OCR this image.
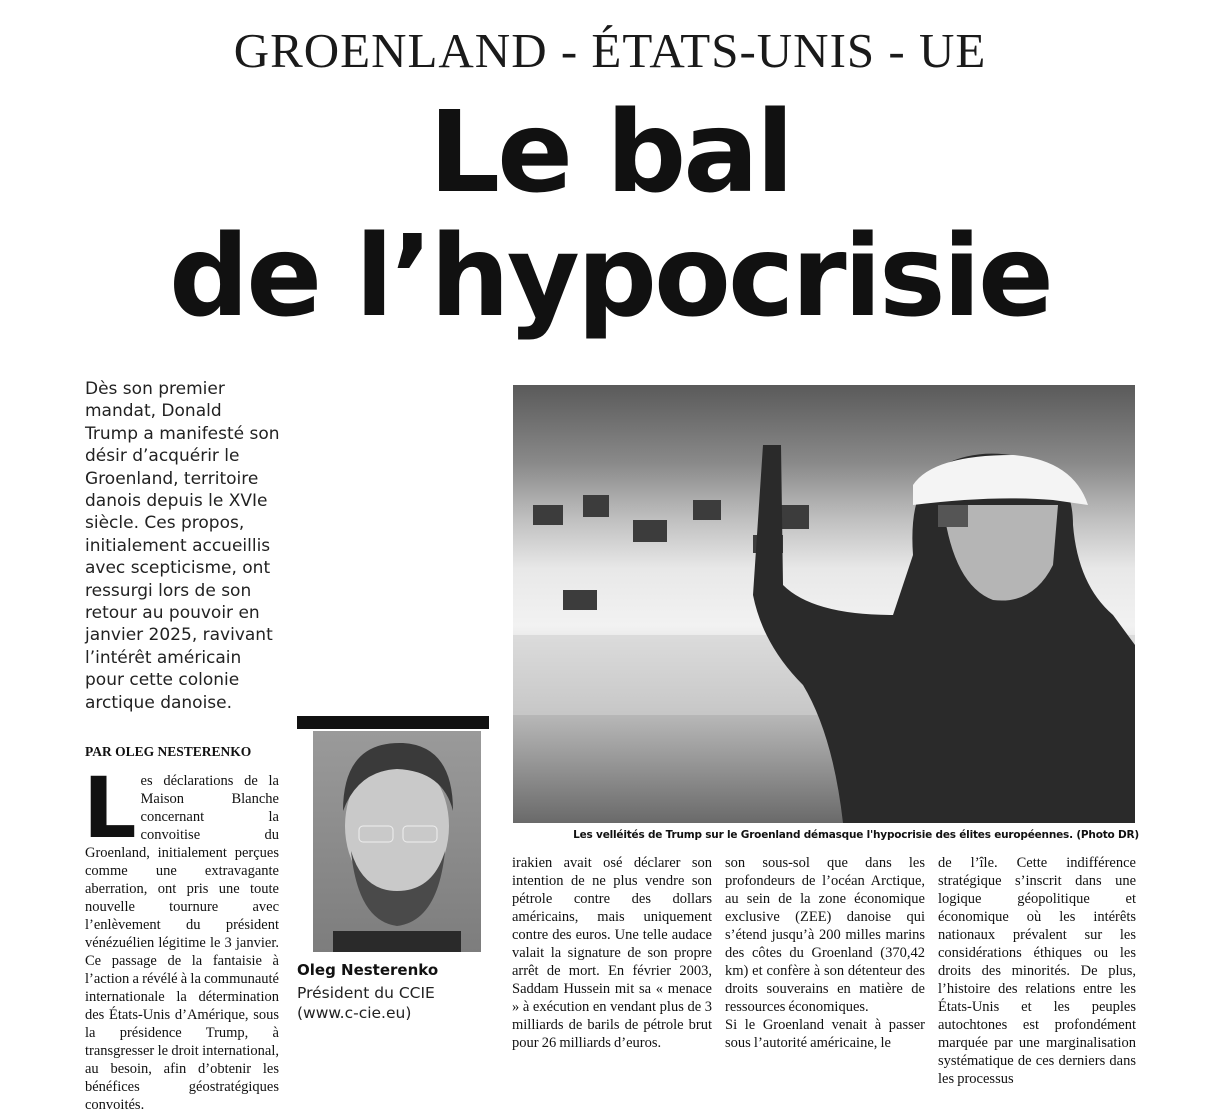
GROENLAND - ÉTATS-UNIS - UE
Le bal
de l’hypocrisie
Dès son premier mandat, Donald Trump a manifesté son désir d’acquérir le Groenland, territoire danois depuis le XVIe siècle. Ces propos, initialement accueillis avec scepticisme, ont ressurgi lors de son retour au pouvoir en janvier 2025, ravivant l’intérêt américain pour cette colonie arctique danoise.
PAR OLEG NESTERENKO
L es déclarations de la Maison Blanche concernant la convoitise du Groenland, initialement perçues comme une extravagante aberration, ont pris une toute nouvelle tournure avec l’enlèvement du président vénézuélien légitime le 3 janvier. Ce passage de la fantaisie à l’action a révélé à la communauté internationale la détermination des États-Unis d’Amérique, sous la présidence Trump, à transgresser le droit international, au besoin, afin d’obtenir les bénéfices géostratégiques convoités.
Oleg Nesterenko
Président du CCIE
(www.c-cie.eu)
Les velléités de Trump sur le Groenland démasque l'hypocrisie des élites européennes. (Photo DR)

irakien avait osé déclarer son intention de ne plus vendre son pétrole contre des dollars américains, mais uniquement contre des euros. Une telle audace valait la signature de son propre arrêt de mort. En février 2003, Saddam Hussein mit sa « menace » à exécution en vendant plus de 3 milliards de barils de pétrole brut pour 26 milliards d’euros.

son sous-sol que dans les profondeurs de l’océan Arctique, au sein de la zone économique exclusive (ZEE) danoise qui s’étend jusqu’à 200 milles marins des côtes du Groenland (370,42 km) et confère à son détenteur des droits souverains en matière de ressources économiques.

Si le Groenland venait à passer sous l’autorité américaine, le

de l’île. Cette indifférence stratégique s’inscrit dans une logique géopolitique et économique où les intérêts nationaux prévalent sur les considérations éthiques ou les droits des minorités. De plus, l’histoire des relations entre les États-Unis et les peuples autochtones est profondément marquée par une marginalisation systématique de ces derniers dans les processus
